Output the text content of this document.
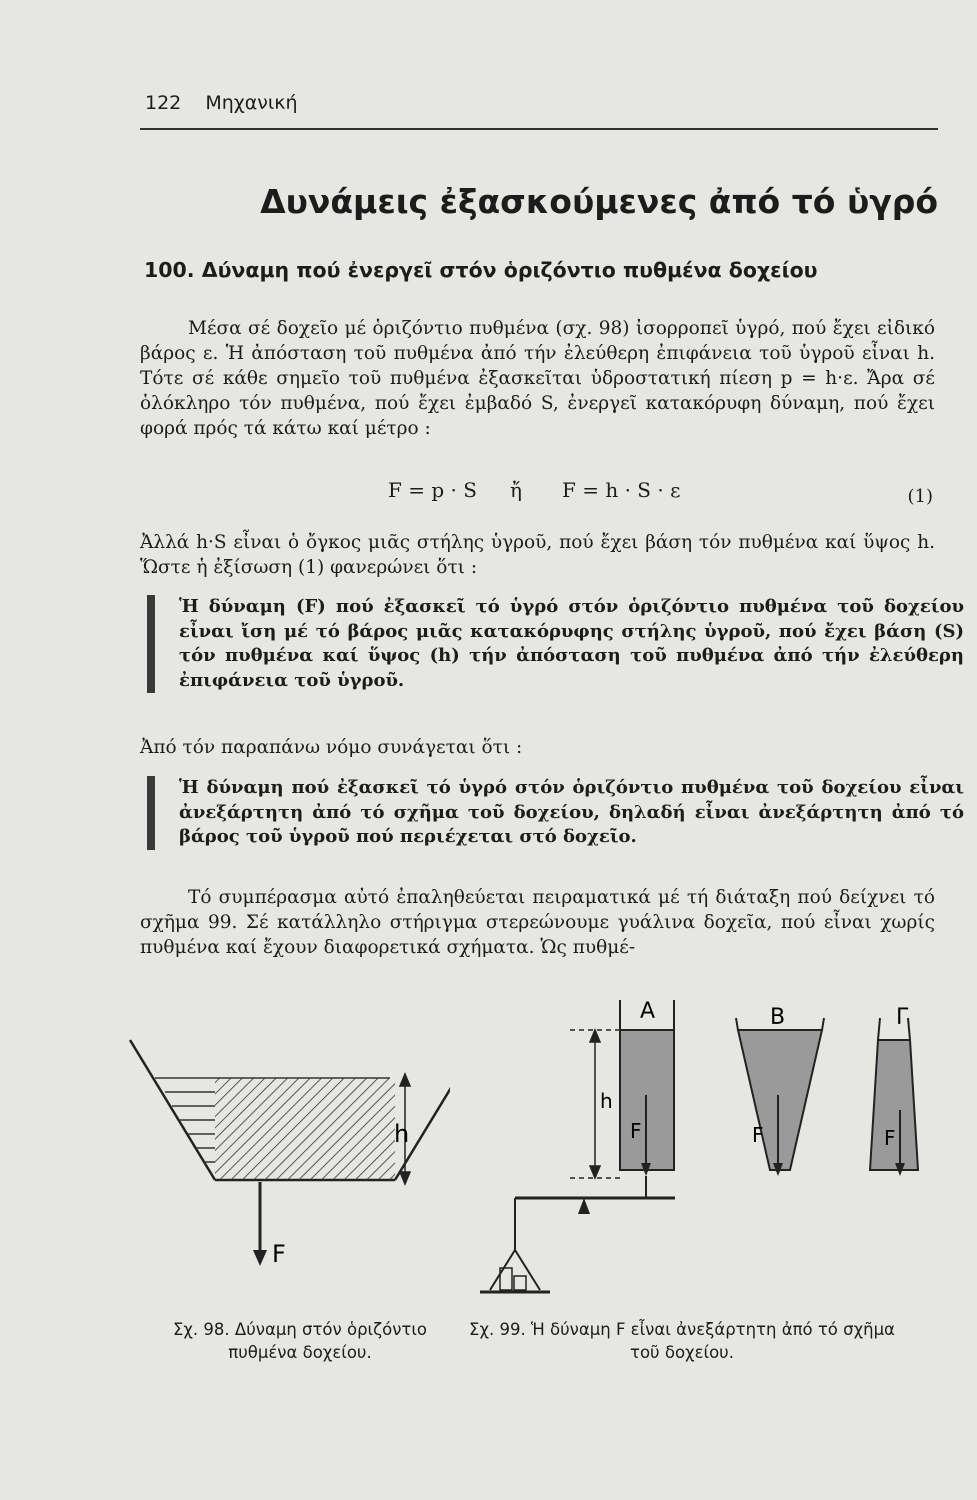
122 Μηχανική
Δυνάμεις ἐξασκούμενες ἀπό τό ὑγρό
100. Δύναμη πού ἐνεργεῖ στόν ὁριζόντιο πυθμένα δοχείου
Μέσα σέ δοχεῖο μέ ὁριζόντιο πυθμένα (σχ. 98) ἰσορροπεῖ ὑγρό, πού ἔχει εἰδικό βάρος ε. Ἡ ἀπόσταση τοῦ πυθμένα ἀπό τήν ἐλεύθερη ἐπιφάνεια τοῦ ὑγροῦ εἶναι h. Τότε σέ κάθε σημεῖο τοῦ πυθμένα ἐξασκεῖται ὑδροστατική πίεση p = h·ε. Ἄρα σέ ὁλόκληρο τόν πυθμένα, πού ἔχει ἐμβαδό S, ἐνεργεῖ κατακόρυφη δύναμη, πού ἔχει φορά πρός τά κάτω καί μέτρο :
F = p · S ἤ F = h · S · ε	(1)
Ἀλλά h·S εἶναι ὁ ὄγκος μιᾶς στήλης ὑγροῦ, πού ἔχει βάση τόν πυθμένα καί ὕψος h. Ὥστε ἡ ἐξίσωση (1) φανερώνει ὅτι :
Ἡ δύναμη (F) πού ἐξασκεῖ τό ὑγρό στόν ὁριζόντιο πυθμένα τοῦ δοχείου εἶναι ἴση μέ τό βάρος μιᾶς κατακόρυφης στήλης ὑγροῦ, πού ἔχει βάση (S) τόν πυθμένα καί ὕψος (h) τήν ἀπόσταση τοῦ πυθμένα ἀπό τήν ἐλεύθερη ἐπιφάνεια τοῦ ὑγροῦ.
Ἀπό τόν παραπάνω νόμο συνάγεται ὅτι :
Ἡ δύναμη πού ἐξασκεῖ τό ὑγρό στόν ὁριζόντιο πυθμένα τοῦ δοχείου εἶναι ἀνεξάρτητη ἀπό τό σχῆμα τοῦ δοχείου, δηλαδή εἶναι ἀνεξάρτητη ἀπό τό βάρος τοῦ ὑγροῦ πού περιέχεται στό δοχεῖο.
Τό συμπέρασμα αὐτό ἐπαληθεύεται πειραματικά μέ τή διάταξη πού δείχνει τό σχῆμα 99. Σέ κατάλληλο στήριγμα στερεώνουμε γυάλινα δοχεῖα, πού εἶναι χωρίς πυθμένα καί ἔχουν διαφορετικά σχήματα. Ὡς πυθμέ-
h
F
Α
F
h
Β
F
Γ
F
Σχ. 98. Δύναμη στόν ὁριζόντιο
πυθμένα δοχείου.
Σχ. 99. Ἡ δύναμη F εἶναι ἀνεξάρτητη ἀπό τό σχῆμα
τοῦ δοχείου.
